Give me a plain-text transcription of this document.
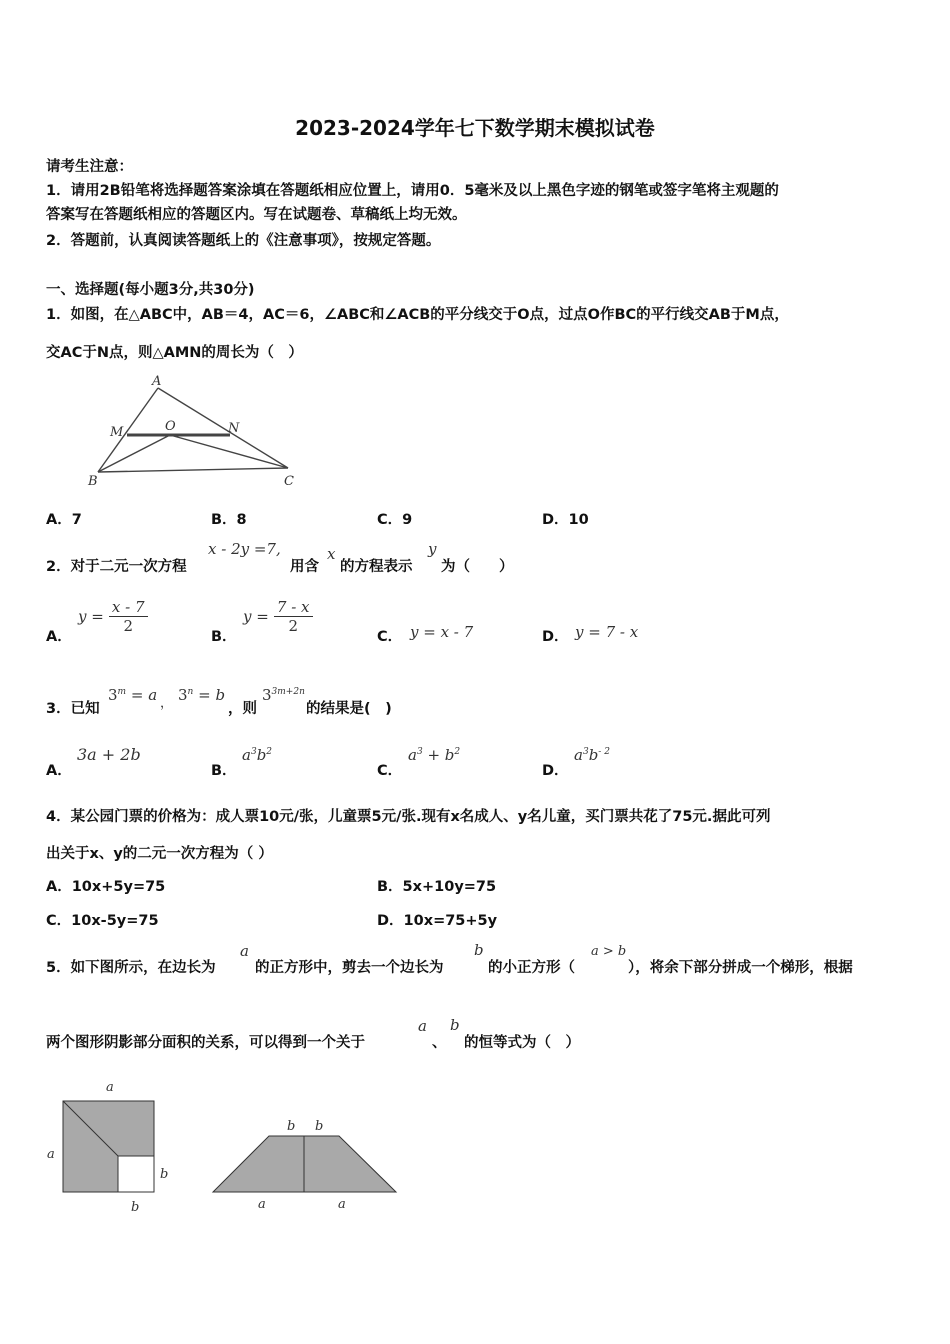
2023-2024学年七下数学期末模拟试卷
请考生注意：
1．请用2B铅笔将选择题答案涂填在答题纸相应位置上，请用0．5毫米及以上黑色字迹的钢笔或签字笔将主观题的
答案写在答题纸相应的答题区内。写在试题卷、草稿纸上均无效。
2．答题前，认真阅读答题纸上的《注意事项》，按规定答题。
一、选择题(每小题3分,共30分)
1．如图，在△ABC中，AB＝4，AC＝6，∠ABC和∠ACB的平分线交于O点，过点O作BC的平行线交AB于M点，
交AC于N点，则△AMN的周长为（　）
A
M	O	N
B	C
A．7	B．8	C．9	D．10
2．对于二元一次方程
x - 2y =7,
用含
x
的方程表示
y
为（　　）
A．
$y = \frac{x - 7}{2}$
B．
$y = \frac{7 - x}{2}$
C． y = x - 7	D． y = 7 - x
3．已知
$3^m = a$ ， $3^n = b$
，则
$3^{3m+2n}$
的结果是(　)
A．
3a + 2b
B．
$a^3b^2$
C．
$a^3 + b^2$
D．
$a^3b^{- 2}$
4．某公园门票的价格为：成人票10元/张，儿童票5元/张.现有x名成人、y名儿童，买门票共花了75元.据此可列
出关于x、y的二元一次方程为（ ）
A．10x+5y=75	B．5x+10y=75
C．10x-5y=75	D．10x=75+5y
5．如下图所示，在边长为
a
的正方形中，剪去一个边长为
b
的小正方形（
a > b
），将余下部分拼成一个梯形，根据
两个图形阴影部分面积的关系，可以得到一个关于
a
、
b
的恒等式为（　）
a
a
b
b
b b
a	a
